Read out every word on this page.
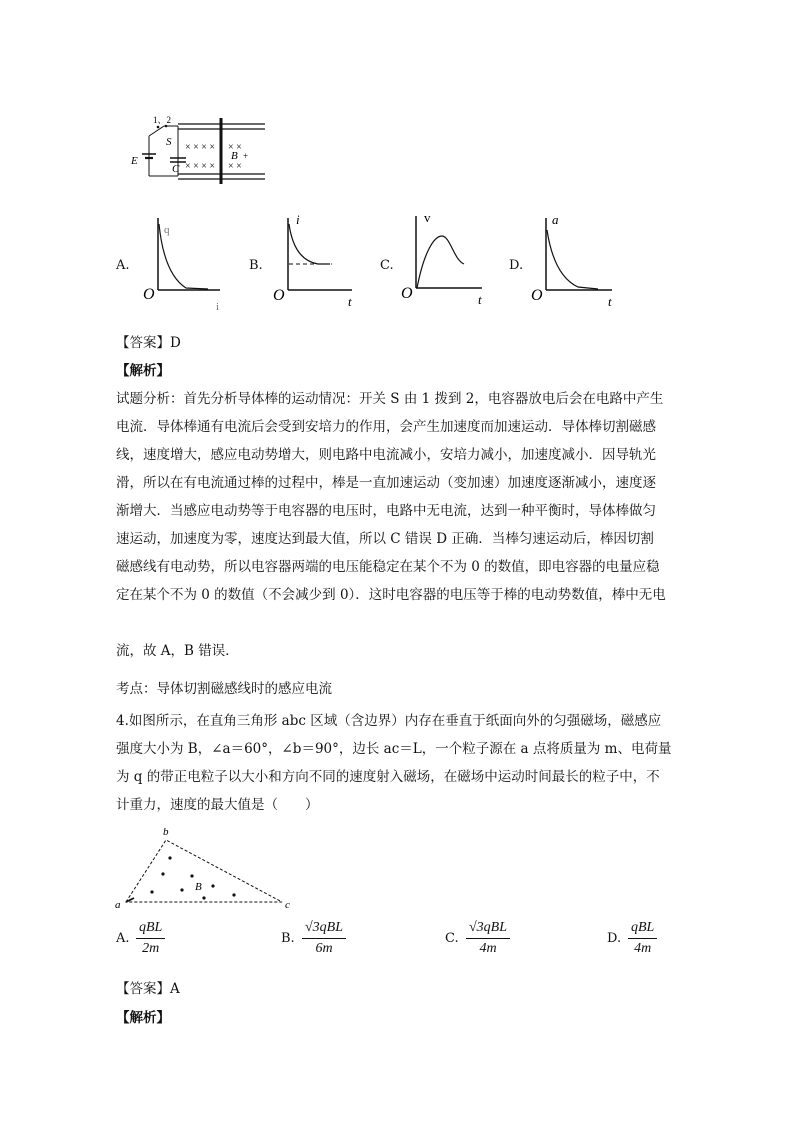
1、2
S
E
C
B +
× × × ×
× × × ×
× ×
× ×
A.
q
O
i
B.
i
O	t
C.
v
O	t
D.
a
O	t
【答案】D
【解析】
试题分析：首先分析导体棒的运动情况：开关 S 由 1 拨到 2，电容器放电后会在电路中产生
电流．导体棒通有电流后会受到安培力的作用，会产生加速度而加速运动．导体棒切割磁感
线，速度增大，感应电动势增大，则电路中电流减小，安培力减小，加速度减小．因导轨光
滑，所以在有电流通过棒的过程中，棒是一直加速运动（变加速）加速度逐渐减小，速度逐
渐增大．当感应电动势等于电容器的电压时，电路中无电流，达到一种平衡时，导体棒做匀
速运动，加速度为零，速度达到最大值，所以 C 错误 D 正确．当棒匀速运动后，棒因切割
磁感线有电动势，所以电容器两端的电压能稳定在某个不为 0 的数值，即电容器的电量应稳
定在某个不为 0 的数值（不会减少到 0）．这时电容器的电压等于棒的电动势数值，棒中无电
流，故 A，B 错误．
考点：导体切割磁感线时的感应电流
4.如图所示，在直角三角形 abc 区域（含边界）内存在垂直于纸面向外的匀强磁场，磁感应
强度大小为 B，∠a＝60°，∠b＝90°，边长 ac＝L，一个粒子源在 a 点将质量为 m、电荷量
为 q 的带正电粒子以大小和方向不同的速度射入磁场，在磁场中运动时间最长的粒子中，不
计重力，速度的最大值是（　　）
B
b
a	c
A.
qBL
2m
B.
√3qBL
6m
C.
√3qBL
4m
D.
qBL
4m
【答案】A
【解析】
